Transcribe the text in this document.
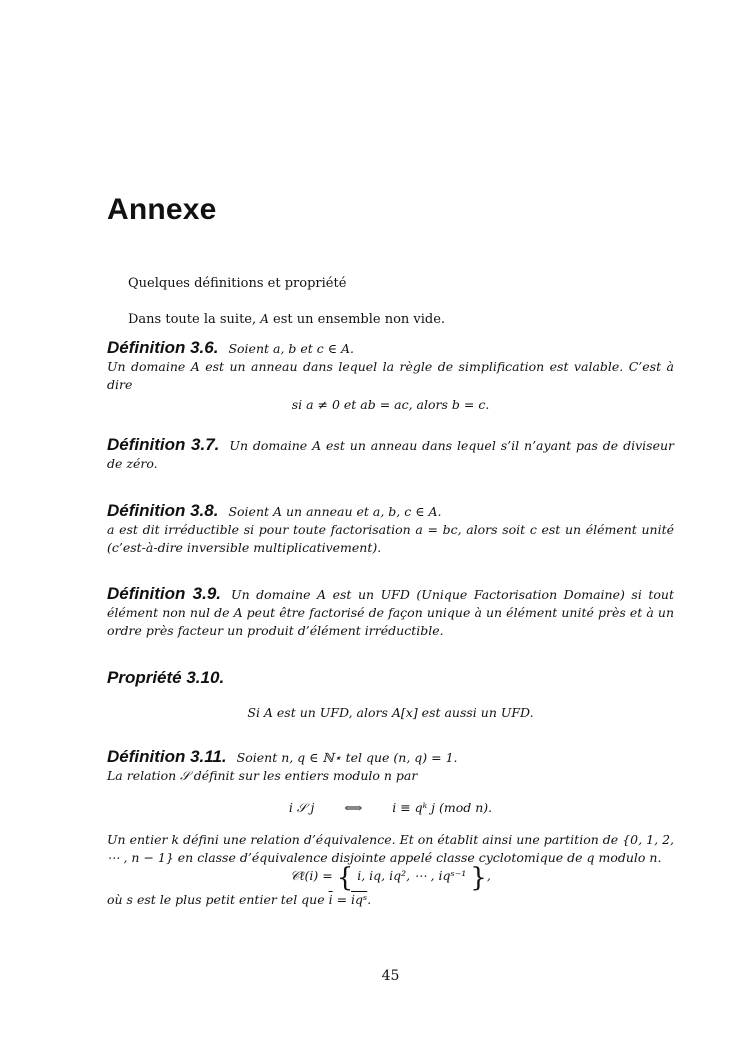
Annexe
Quelques définitions et propriété
Dans toute la suite, A est un ensemble non vide.

Définition 3.6. Soient a, b et c ∈ A.

Un domaine A est un anneau dans lequel la règle de simplification est valable. C’est à dire

si a ≠ 0 et ab = ac, alors b = c.

Définition 3.7. Un domaine A est un anneau dans lequel s’il n’ayant pas de diviseur de zéro.

Définition 3.8. Soient A un anneau et a, b, c ∈ A.

a est dit irréductible si pour toute factorisation a = bc, alors soit c est un élément unité (c’est-à-dire inversible multiplicativement).

Définition 3.9. Un domaine A est un UFD (Unique Factorisation Domaine) si tout élément non nul de A peut être factorisé de façon unique à un élément unité près et à un ordre près facteur un produit d’élément irréductible.

Propriété 3.10.

Si A est un UFD, alors A[x] est aussi un UFD.

Définition 3.11. Soient n, q ∈ ℕ⋆ tel que (n, q) = 1.

La relation 𝒮 définit sur les entiers modulo n par

i 𝒮 j ⟺ i ≡ qᵏ j (mod n).

Un entier k défini une relation d’équivalence. Et on établit ainsi une partition de {0, 1, 2, ⋯ , n − 1} en classe d’équivalence disjointe appelé classe cyclotomique de q modulo n.

𝒞ℓ(i) = { i, iq, iq², ⋯ , iqˢ⁻¹ },

où s est le plus petit entier tel que $\overline{i} = \overline{iqˢ}$.

45
